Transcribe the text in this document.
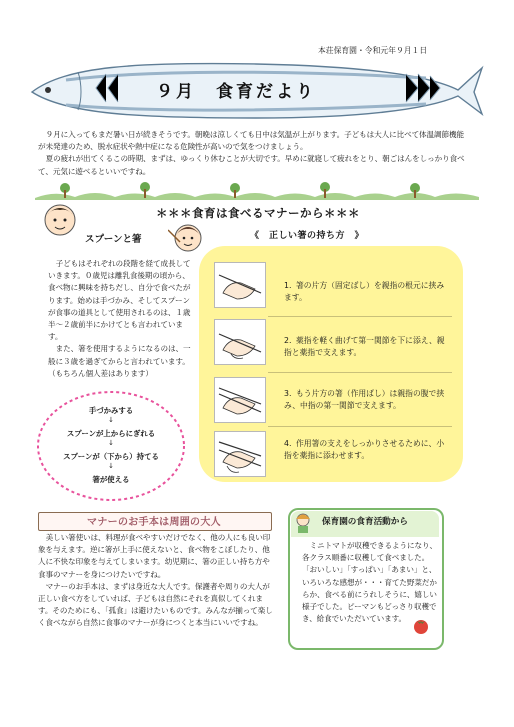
本荘保育園・令和元年９月１日
９月　食育だより

９月に入ってもまだ暑い日が続きそうです。朝晩は涼しくても日中は気温が上がります。子どもは大人に比べて体温調節機能が未発達のため、脱水症状や熱中症になる危険性が高いので気をつけましょう。

夏の疲れが出てくるこの時期、まずは、ゆっくり休むことが大切です。早めに就寝して疲れをとり、朝ごはんをしっかり食べて、元気に遊べるといいですね。

＊＊＊食育は食べるマナーから＊＊＊
スプーンと箸

子どもはそれぞれの段階を経て成長していきます。０歳児は離乳食後期の頃から、食べ物に興味を持ちだし、自分で食べたがります。始めは手づかみ、そしてスプーンが食事の道具として使用されるのは、１歳半～２歳前半にかけてとも言われています。

また、箸を使用するようになるのは、一般に３歳を過ぎてからと言われています。（もちろん個人差はあります）

手づかみする
↓
スプーンが上からにぎれる
↓
スプーンが（下から）持てる
↓
箸が使える
《　正しい箸の持ち方　》
1. 箸の片方（固定ばし）を親指の根元に挟みます。
2. 薬指を軽く曲げて第一関節を下に添え、親指と薬指で支えます。
3. もう片方の箸（作用ばし）は親指の腹で挟み、中指の第一関節で支えます。
4. 作用箸の支えをしっかりさせるために、小指を薬指に添わせます。
マナーのお手本は周囲の大人

美しい箸使いは、料理が食べやすいだけでなく、他の人にも良い印象を与えます。逆に箸が上手に使えないと、食べ物をこぼしたり、他人に不快な印象を与えてしまいます。幼児期に、箸の正しい持ち方や食事のマナーを身につけたいですね。

マナーのお手本は、まずは身近な大人です。保護者や周りの大人が正しい食べ方をしていれば、子どもは自然にそれを真似してくれます。そのためにも、「孤食」は避けたいものです。みんなが揃って楽しく食べながら自然に食事のマナーが身につくと本当にいいですね。

保育園の食育活動から

ミニトマトが収穫できるようになり、各クラス順番に収穫して食べました。「おいしい」「すっぱい」「あまい」と、いろいろな感想が・・・育てた野菜だからか、食べる前にうれしそうに、嬉しい様子でした。ピーマンもどっさり収穫でき、給食でいただいています。
